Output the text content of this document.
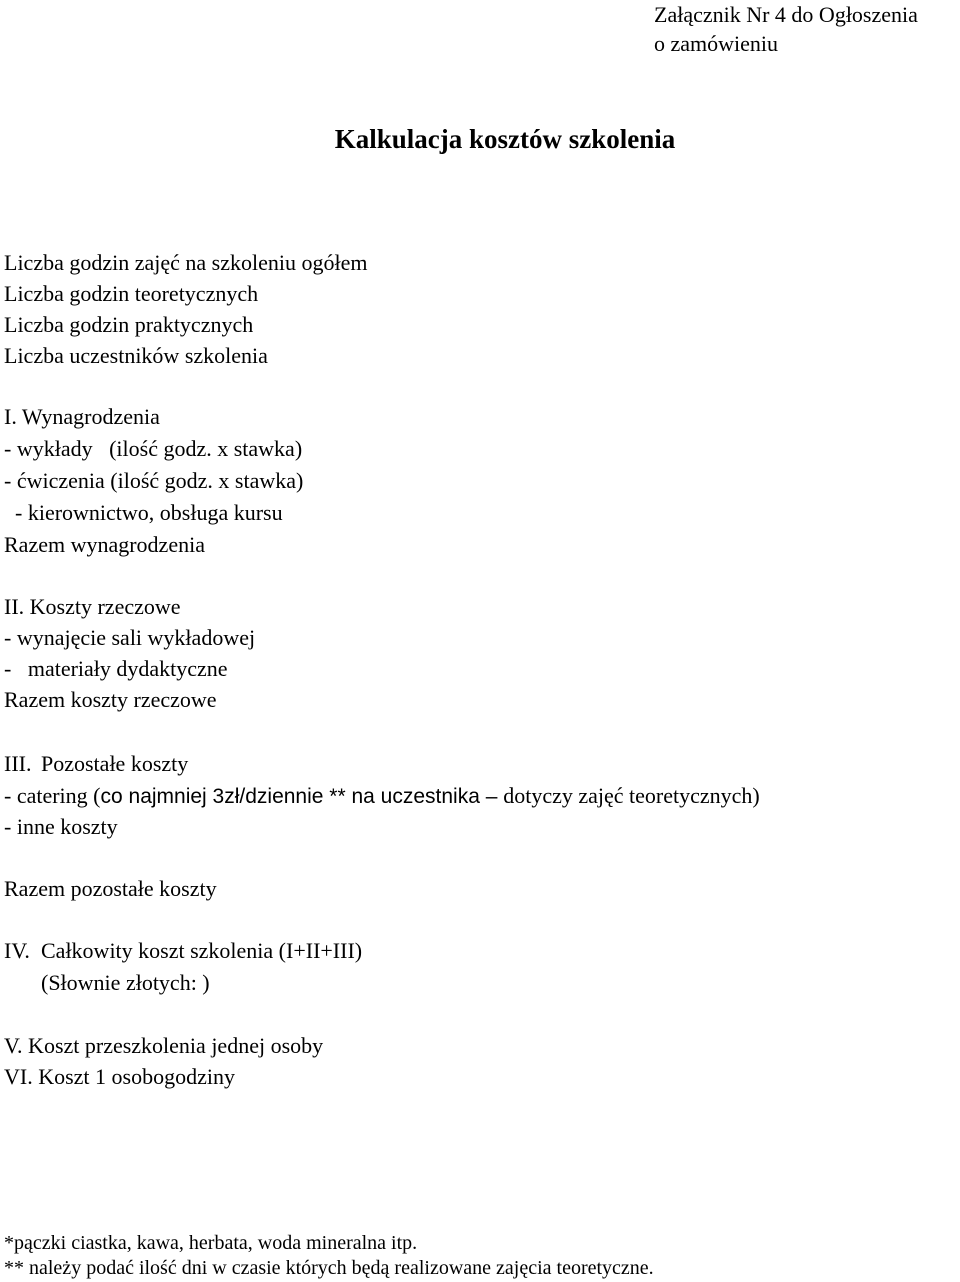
Załącznik Nr 4 do Ogłoszenia
o zamówieniu
Kalkulacja kosztów szkolenia
Liczba godzin zajęć na szkoleniu ogółem
Liczba godzin teoretycznych
Liczba godzin praktycznych
Liczba uczestników szkolenia
I. Wynagrodzenia
- wykłady   (ilość godz. x stawka)
- ćwiczenia (ilość godz. x stawka)
- kierownictwo, obsługa kursu
Razem wynagrodzenia
II. Koszty rzeczowe
- wynajęcie sali wykładowej
-   materiały dydaktyczne
Razem koszty rzeczowe
III. Pozostałe koszty
- catering (co najmniej 3zł/dziennie ** na uczestnika – dotyczy zajęć teoretycznych)
- inne koszty
Razem pozostałe koszty
IV. Całkowity koszt szkolenia (I+II+III)
(Słownie złotych: )
V. Koszt przeszkolenia jednej osoby
VI. Koszt 1 osobogodziny
*pączki ciastka, kawa, herbata, woda mineralna itp.
** należy podać ilość dni w czasie których będą realizowane zajęcia teoretyczne.
